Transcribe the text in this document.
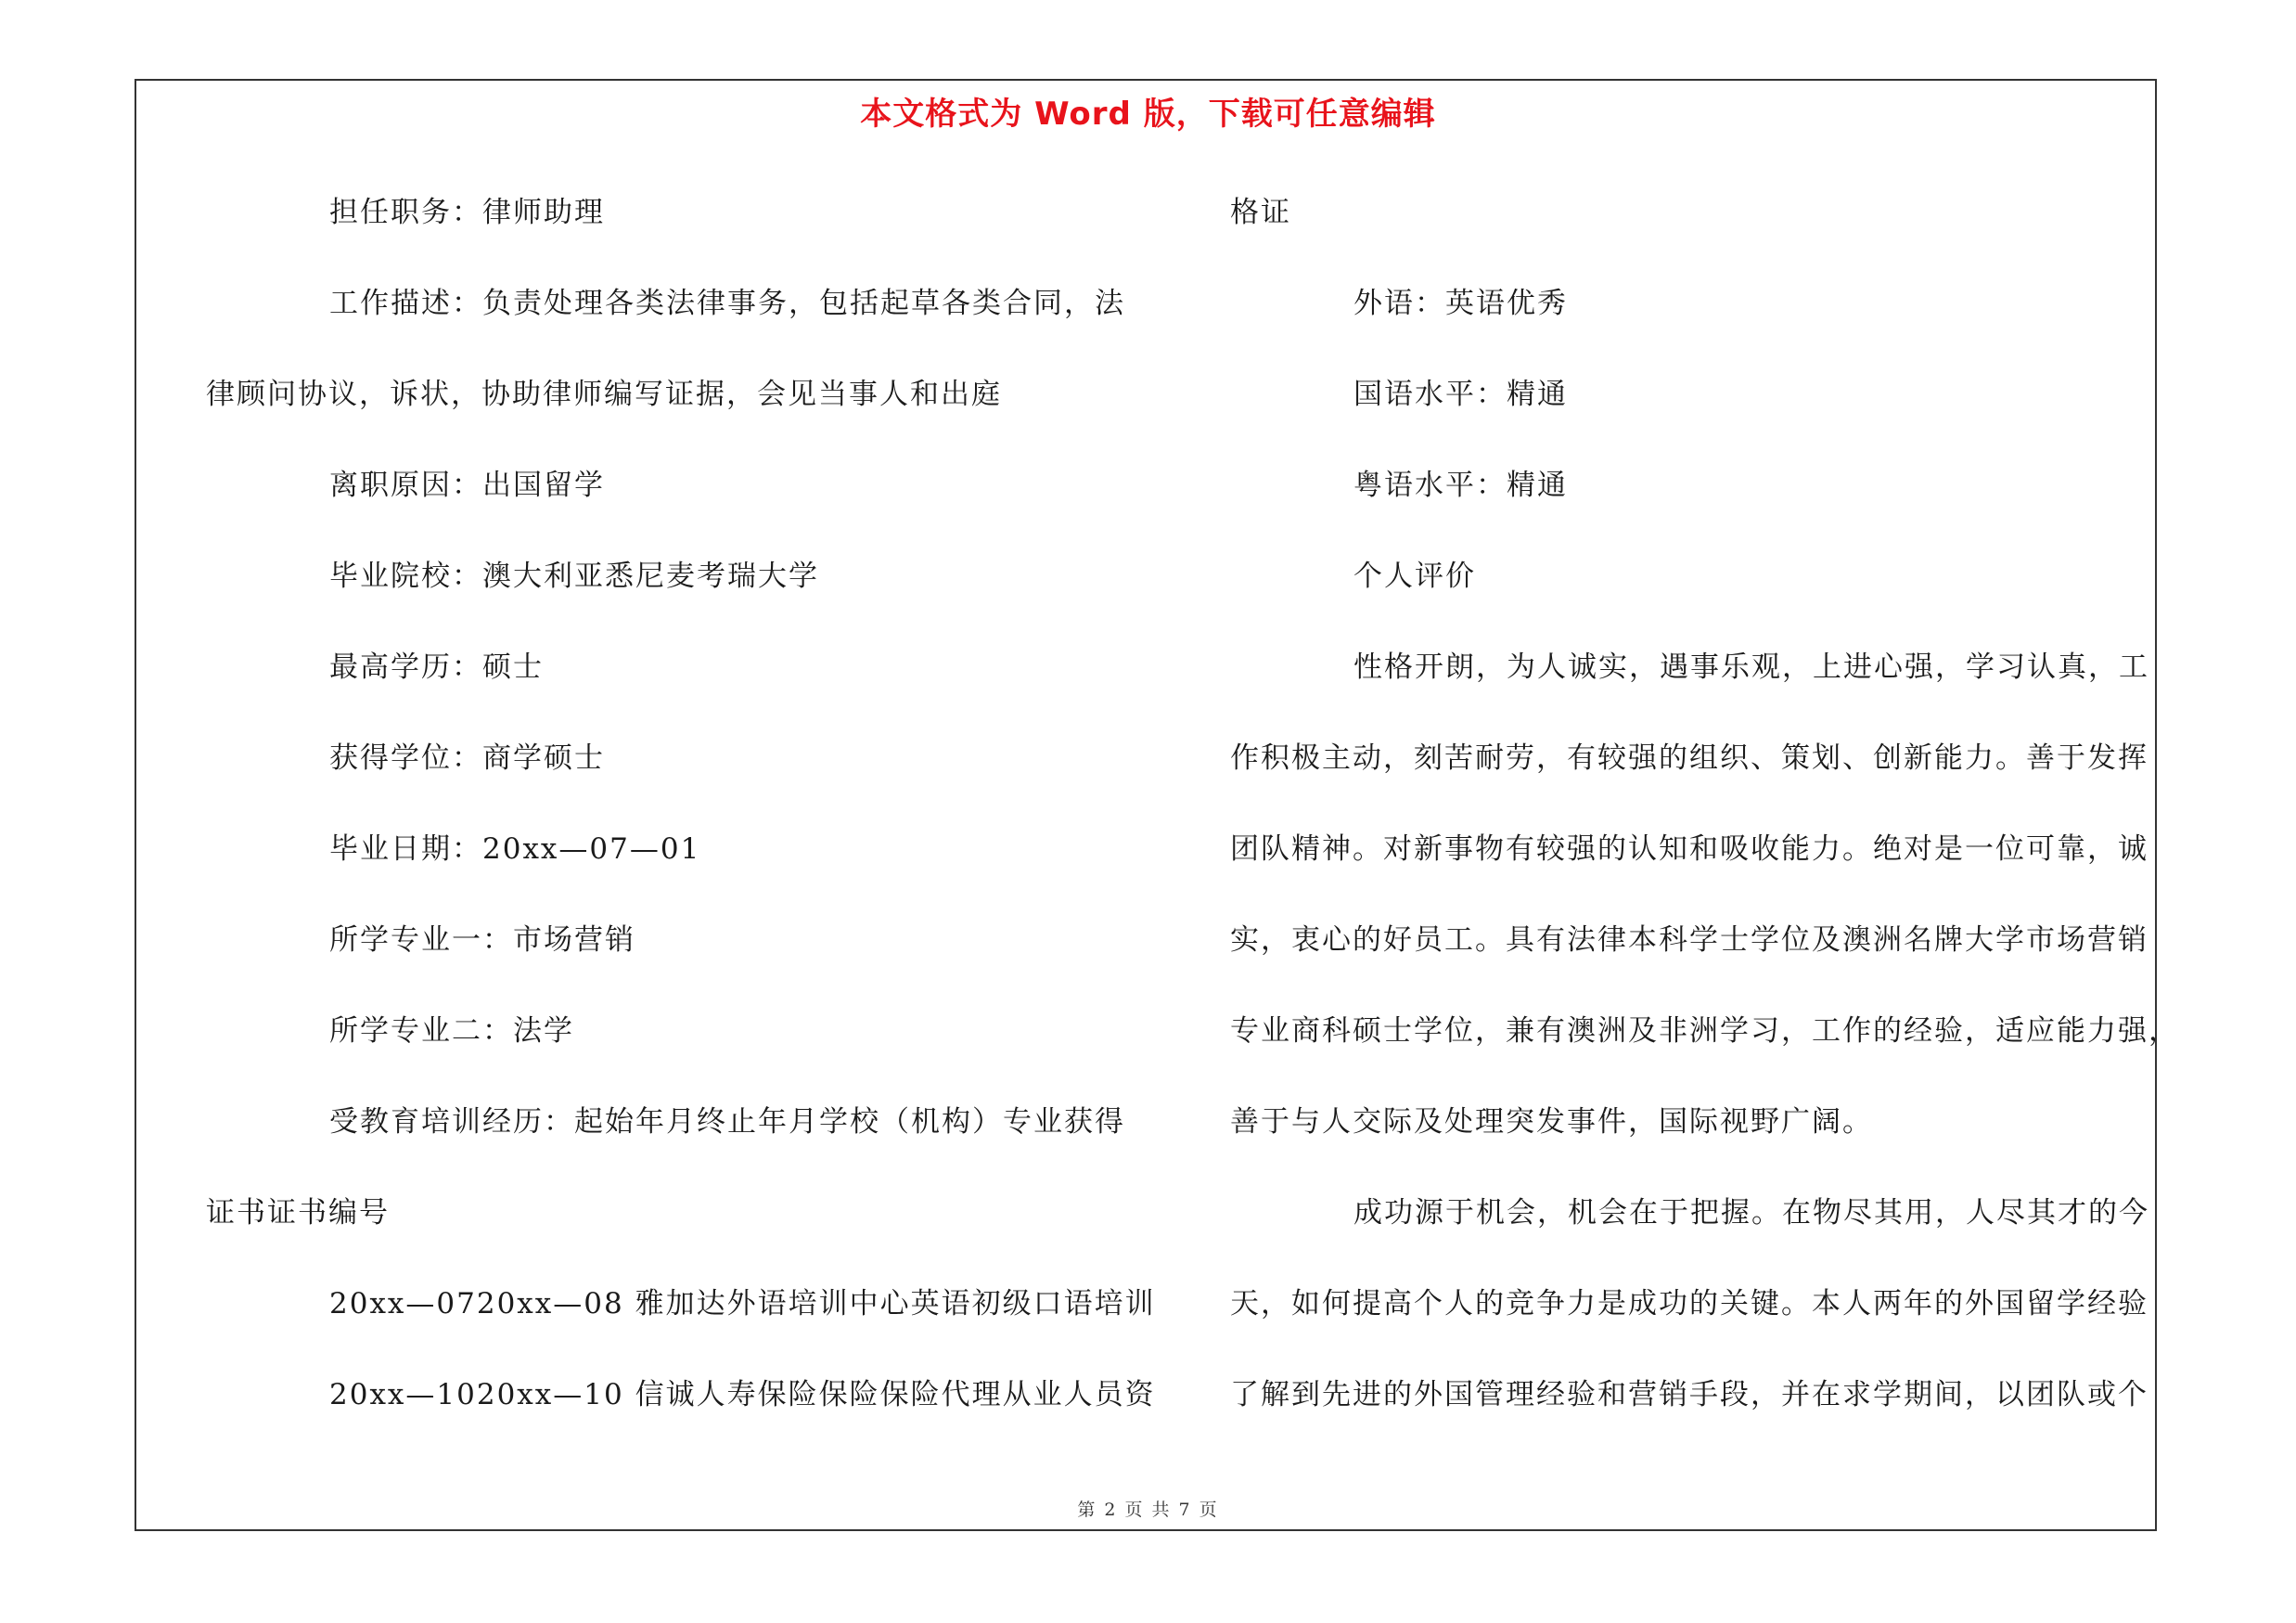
本文格式为 Word 版，下载可任意编辑
担任职务：律师助理
工作描述：负责处理各类法律事务，包括起草各类合同，法
律顾问协议，诉状，协助律师编写证据，会见当事人和出庭
离职原因：出国留学
毕业院校：澳大利亚悉尼麦考瑞大学
最高学历：硕士
获得学位：商学硕士
毕业日期：20xx—07—01
所学专业一：市场营销
所学专业二：法学
受教育培训经历：起始年月终止年月学校（机构）专业获得
证书证书编号
20xx—0720xx—08 雅加达外语培训中心英语初级口语培训
20xx—1020xx—10 信诚人寿保险保险保险代理从业人员资
格证
外语：英语优秀
国语水平：精通
粤语水平：精通
个人评价
性格开朗，为人诚实，遇事乐观，上进心强，学习认真，工
作积极主动，刻苦耐劳，有较强的组织、策划、创新能力。善于发挥
团队精神。对新事物有较强的认知和吸收能力。绝对是一位可靠，诚
实，衷心的好员工。具有法律本科学士学位及澳洲名牌大学市场营销
专业商科硕士学位，兼有澳洲及非洲学习，工作的经验，适应能力强，
善于与人交际及处理突发事件，国际视野广阔。
成功源于机会，机会在于把握。在物尽其用，人尽其才的今
天，如何提高个人的竞争力是成功的关键。本人两年的外国留学经验
了解到先进的外国管理经验和营销手段，并在求学期间，以团队或个
第 2 页 共 7 页
